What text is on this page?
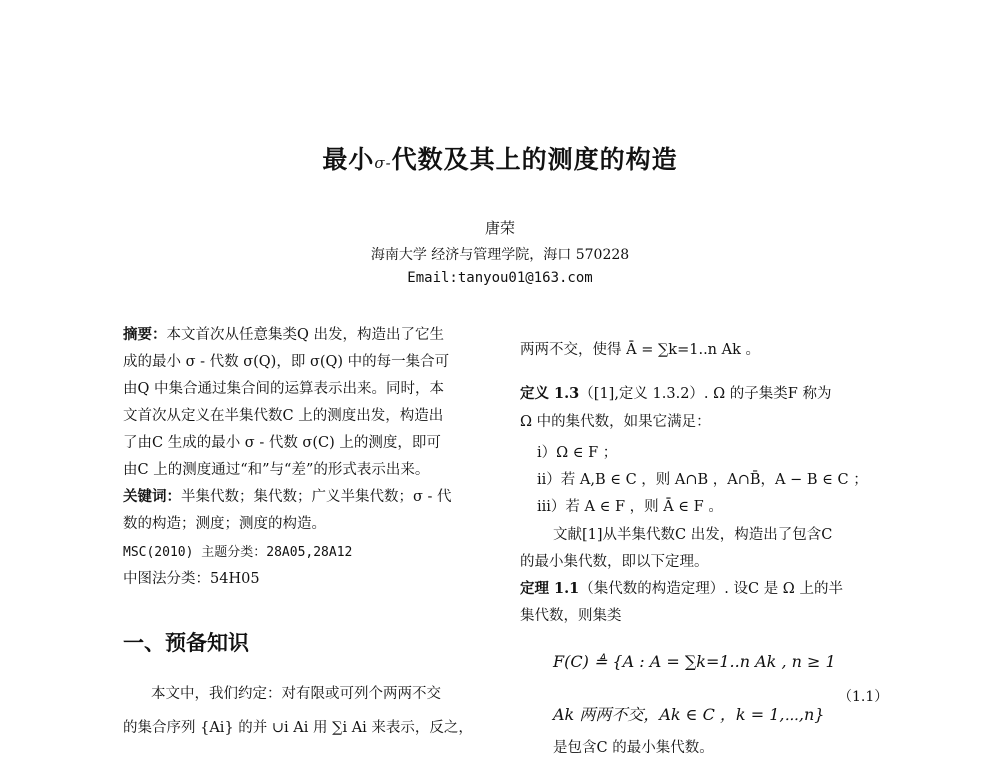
最小σ-代数及其上的测度的构造
唐荣
海南大学 经济与管理学院，海口 570228
Email:tanyou01@163.com
摘要：本文首次从任意集类Q 出发，构造出了它生
成的最小 σ - 代数 σ(Q)，即 σ(Q) 中的每一集合可
由Q 中集合通过集合间的运算表示出来。同时，本
文首次从定义在半集代数C 上的测度出发，构造出
了由C 生成的最小 σ - 代数 σ(C) 上的测度，即可
由C 上的测度通过“和”与“差”的形式表示出来。
关键词：半集代数；集代数；广义半集代数；σ - 代
数的构造；测度；测度的构造。
MSC(2010) 主题分类：28A05,28A12
中图法分类：54H05
一、预备知识
本文中，我们约定：对有限或可列个两两不交
的集合序列 {Ai} 的并 ∪i Ai 用 ∑i Ai 来表示，反之，
两两不交，使得 Ā = ∑k=1..n Ak 。
定义 1.3（[1],定义 1.3.2）. Ω 的子集类F 称为
Ω 中的集代数，如果它满足：
i）Ω ∈ F ；
ii）若 A,B ∈ C ，则 A∩B ，A∩B̄，A − B ∈ C ；
iii）若 A ∈ F ，则 Ā ∈ F 。
文献[1]从半集代数C 出发，构造出了包含C
的最小集代数，即以下定理。
定理 1.1（集代数的构造定理）. 设C 是 Ω 上的半
集代数，则集类
F(C) ≜ {A : A = ∑k=1..n Ak , n ≥ 1
Ak 两两不交，Ak ∈ C ，k = 1,⋯,n}
（1.1）
是包含C 的最小集代数。
